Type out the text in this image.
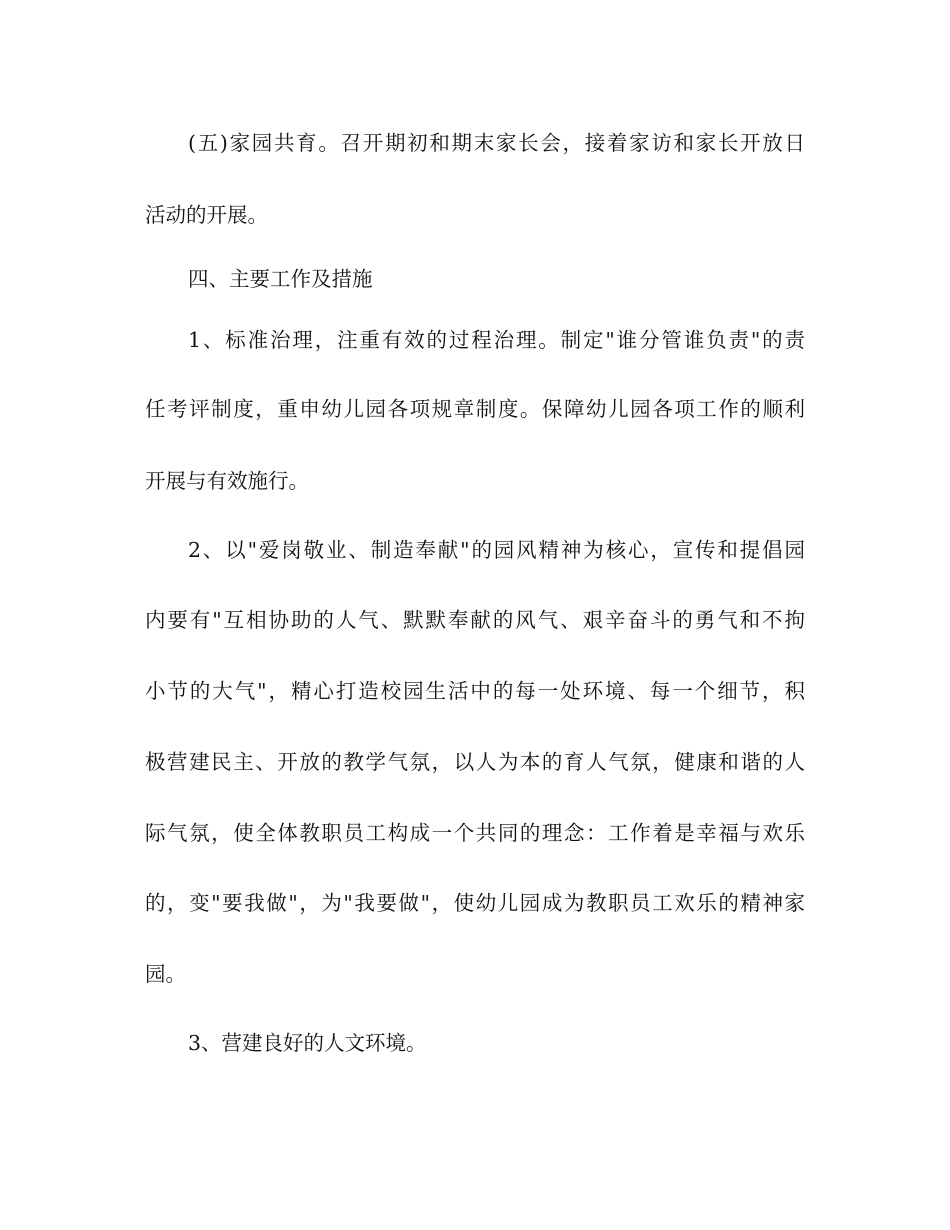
(五)家园共育。召开期初和期末家长会，接着家访和家长开放日

活动的开展。

四、主要工作及措施

1、标准治理，注重有效的过程治理。制定"谁分管谁负责"的责

任考评制度，重申幼儿园各项规章制度。保障幼儿园各项工作的顺利

开展与有效施行。

2、以"爱岗敬业、制造奉献"的园风精神为核心，宣传和提倡园

内要有"互相协助的人气、默默奉献的风气、艰辛奋斗的勇气和不拘

小节的大气"，精心打造校园生活中的每一处环境、每一个细节，积

极营建民主、开放的教学气氛，以人为本的育人气氛，健康和谐的人

际气氛，使全体教职员工构成一个共同的理念：工作着是幸福与欢乐

的，变"要我做"，为"我要做"，使幼儿园成为教职员工欢乐的精神家

园。

3、营建良好的人文环境。
